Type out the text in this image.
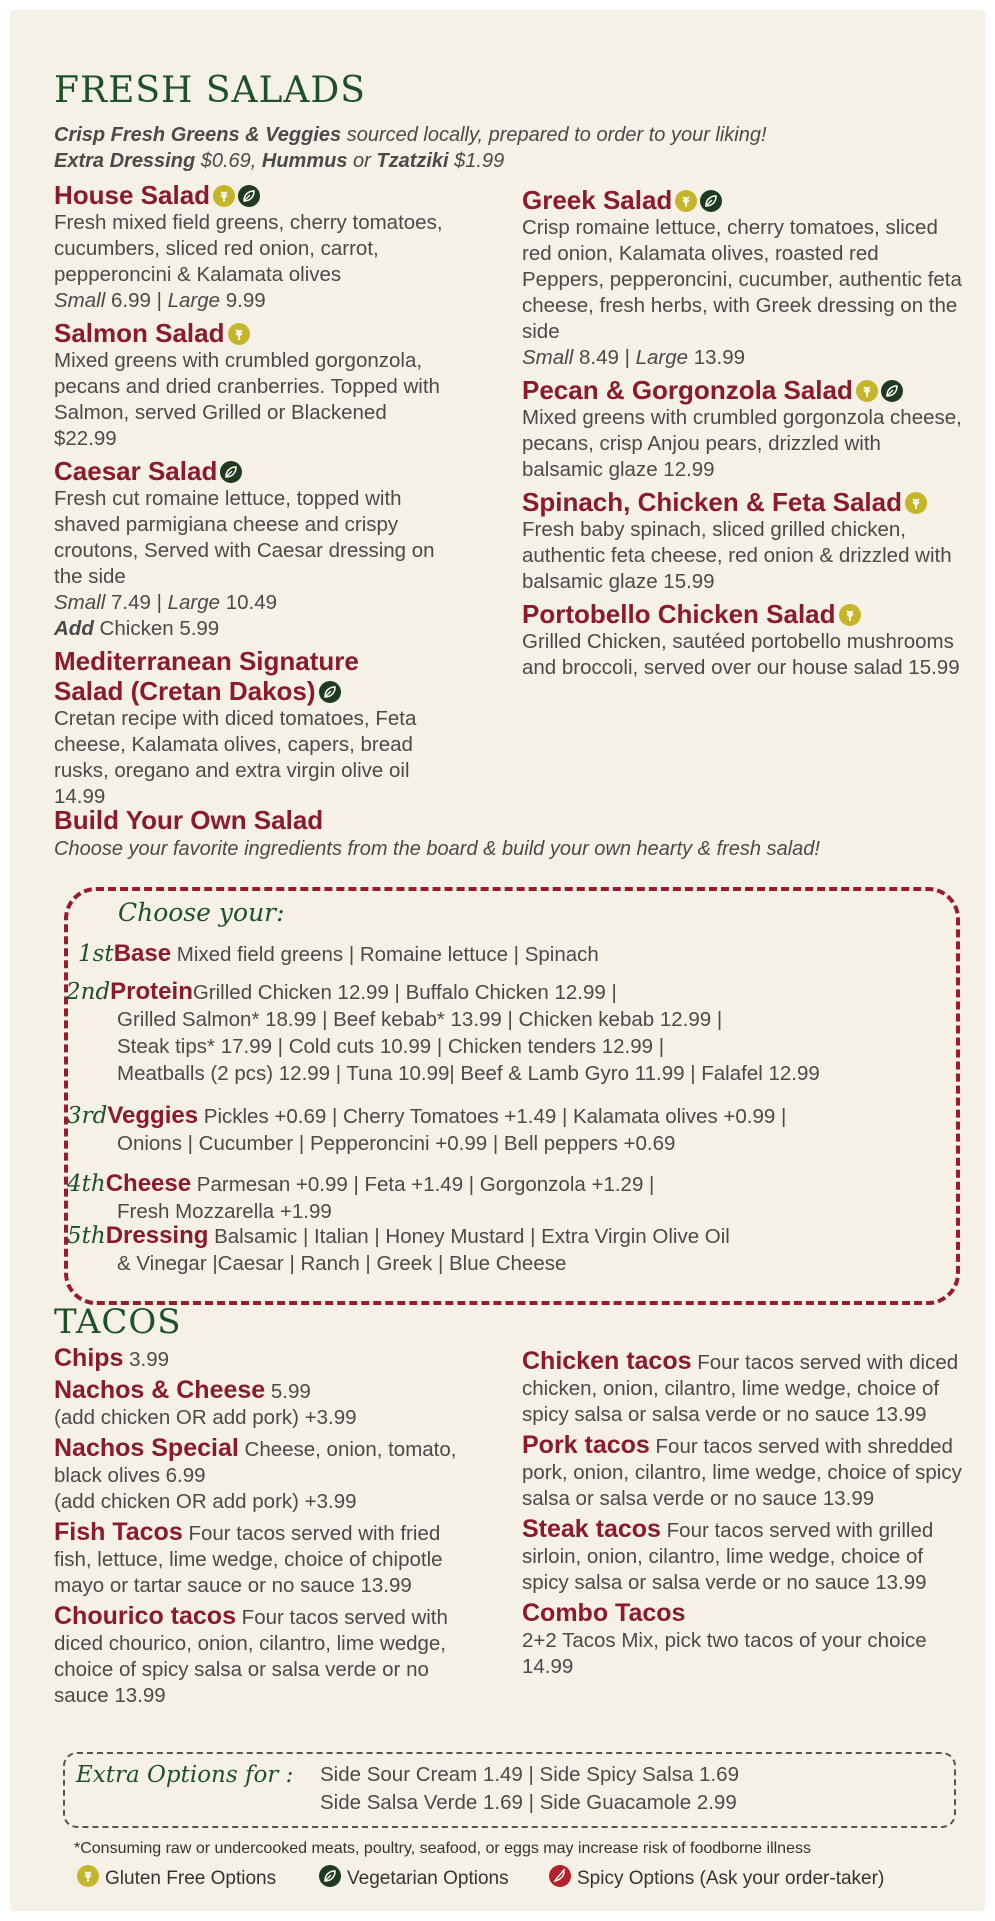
FRESH SALADS
Crisp Fresh Greens & Veggies sourced locally, prepared to order to your liking!
Extra Dressing $0.69, Hummus or Tzatziki $1.99
House Salad
Fresh mixed field greens, cherry tomatoes, cucumbers, sliced red onion, carrot, pepperoncini & Kalamata olives
Small 6.99 | Large 9.99
Salmon Salad
Mixed greens with crumbled gorgonzola, pecans and dried cranberries. Topped with Salmon, served Grilled or Blackened $22.99
Caesar Salad
Fresh cut romaine lettuce, topped with shaved parmigiana cheese and crispy croutons, Served with Caesar dressing on the side
Small 7.49 | Large 10.49
Add Chicken 5.99
Mediterranean Signature
Salad (Cretan Dakos)
Cretan recipe with diced tomatoes, Feta cheese, Kalamata olives, capers, bread rusks, oregano and extra virgin olive oil 14.99
Greek Salad
Crisp romaine lettuce, cherry tomatoes, sliced red onion, Kalamata olives, roasted red Peppers, pepperoncini, cucumber, authentic feta cheese, fresh herbs, with Greek dressing on the side
Small 8.49 | Large 13.99
Pecan & Gorgonzola Salad
Mixed greens with crumbled gorgonzola cheese, pecans, crisp Anjou pears, drizzled with balsamic glaze 12.99
Spinach, Chicken & Feta Salad
Fresh baby spinach, sliced grilled chicken, authentic feta cheese, red onion & drizzled with balsamic glaze 15.99
Portobello Chicken Salad
Grilled Chicken, sautéed portobello mushrooms and broccoli, served over our house salad 15.99
Build Your Own Salad
Choose your favorite ingredients from the board & build your own hearty & fresh salad!
Choose your:
1stBase Mixed field greens | Romaine lettuce | Spinach
2ndProteinGrilled Chicken 12.99 | Buffalo Chicken 12.99 |
Grilled Salmon* 18.99 | Beef kebab* 13.99 | Chicken kebab 12.99 |
Steak tips* 17.99 | Cold cuts 10.99 | Chicken tenders 12.99 |
Meatballs (2 pcs) 12.99 | Tuna 10.99| Beef & Lamb Gyro 11.99 | Falafel 12.99
3rdVeggies Pickles +0.69 | Cherry Tomatoes +1.49 | Kalamata olives +0.99 |
Onions | Cucumber | Pepperoncini +0.99 | Bell peppers +0.69
4thCheese Parmesan +0.99 | Feta +1.49 | Gorgonzola +1.29 |
Fresh Mozzarella +1.99
5thDressing Balsamic | Italian | Honey Mustard | Extra Virgin Olive Oil
& Vinegar |Caesar | Ranch | Greek | Blue Cheese
TACOS
Chips 3.99
Nachos & Cheese 5.99
(add chicken OR add pork) +3.99
Nachos Special Cheese, onion, tomato, black olives 6.99
(add chicken OR add pork) +3.99
Fish Tacos Four tacos served with fried fish, lettuce, lime wedge, choice of chipotle mayo or tartar sauce or no sauce 13.99
Chourico tacos Four tacos served with diced chourico, onion, cilantro, lime wedge, choice of spicy salsa or salsa verde or no sauce 13.99
Chicken tacos Four tacos served with diced chicken, onion, cilantro, lime wedge, choice of spicy salsa or salsa verde or no sauce 13.99
Pork tacos Four tacos served with shredded pork, onion, cilantro, lime wedge, choice of spicy salsa or salsa verde or no sauce 13.99
Steak tacos Four tacos served with grilled sirloin, onion, cilantro, lime wedge, choice of spicy salsa or salsa verde or no sauce 13.99
Combo Tacos
2+2 Tacos Mix, pick two tacos of your choice 14.99
Extra Options for : Side Sour Cream 1.49 | Side Spicy Salsa 1.69
Side Salsa Verde 1.69 | Side Guacamole 2.99
*Consuming raw or undercooked meats, poultry, seafood, or eggs may increase risk of foodborne illness
Gluten Free Options	Vegetarian Options	Spicy Options (Ask your order-taker)
